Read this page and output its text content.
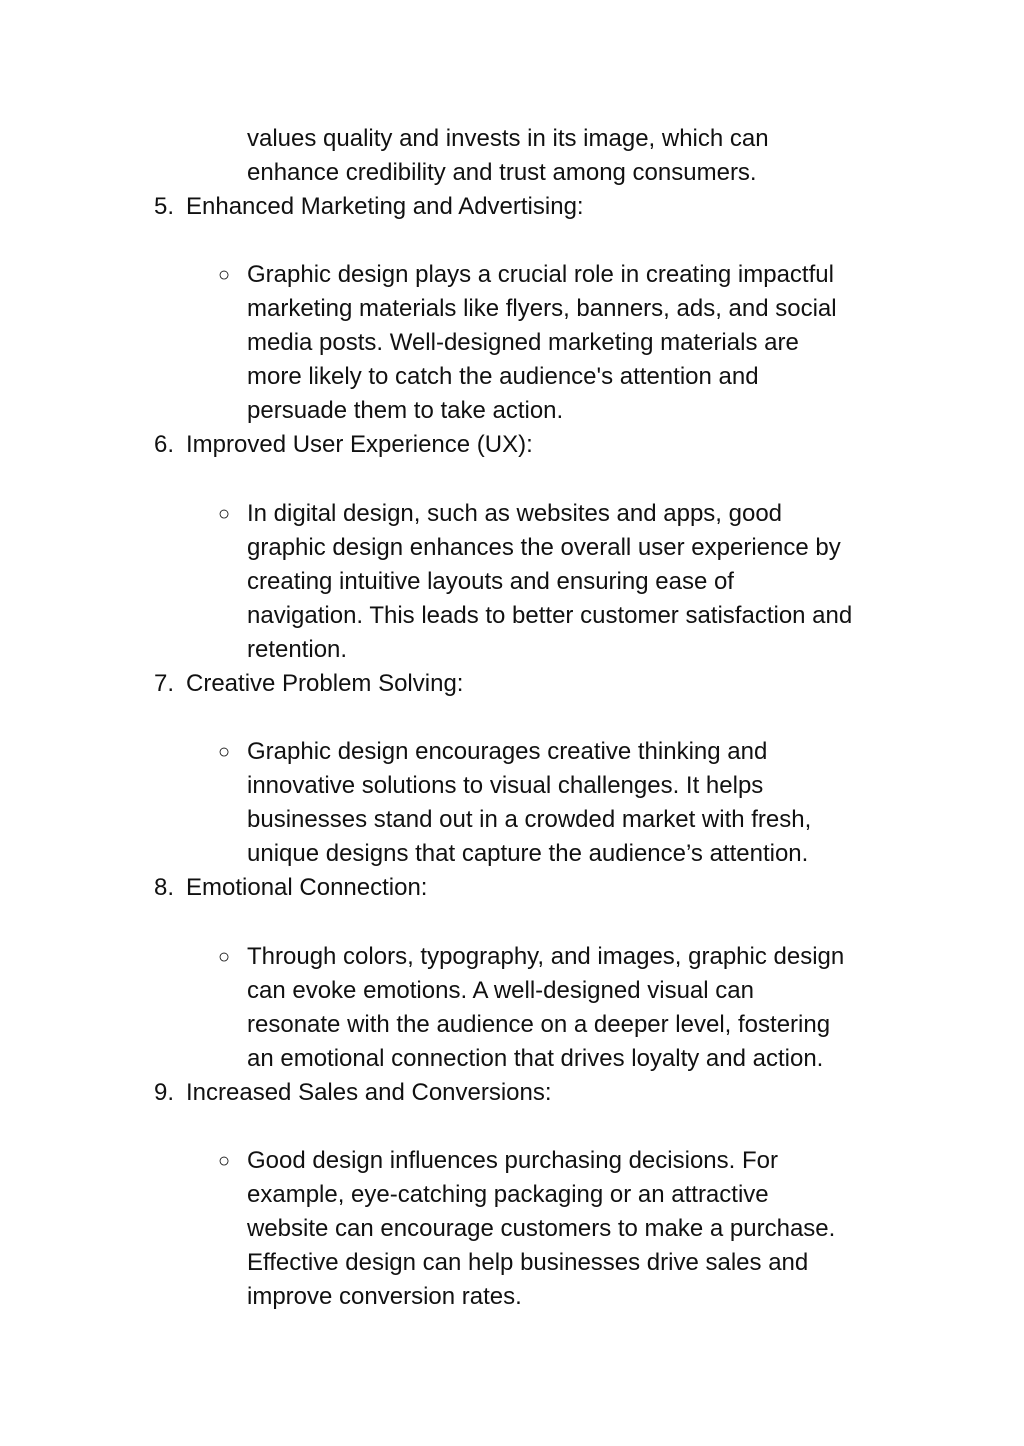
values quality and invests in its image, which can
enhance credibility and trust among consumers.
5. Enhanced Marketing and Advertising:
○ Graphic design plays a crucial role in creating impactful
marketing materials like flyers, banners, ads, and social
media posts. Well-designed marketing materials are
more likely to catch the audience's attention and
persuade them to take action.
6. Improved User Experience (UX):
○ In digital design, such as websites and apps, good
graphic design enhances the overall user experience by
creating intuitive layouts and ensuring ease of
navigation. This leads to better customer satisfaction and
retention.
7. Creative Problem Solving:
○ Graphic design encourages creative thinking and
innovative solutions to visual challenges. It helps
businesses stand out in a crowded market with fresh,
unique designs that capture the audience’s attention.
8. Emotional Connection:
○ Through colors, typography, and images, graphic design
can evoke emotions. A well-designed visual can
resonate with the audience on a deeper level, fostering
an emotional connection that drives loyalty and action.
9. Increased Sales and Conversions:
○ Good design influences purchasing decisions. For
example, eye-catching packaging or an attractive
website can encourage customers to make a purchase.
Effective design can help businesses drive sales and
improve conversion rates.
